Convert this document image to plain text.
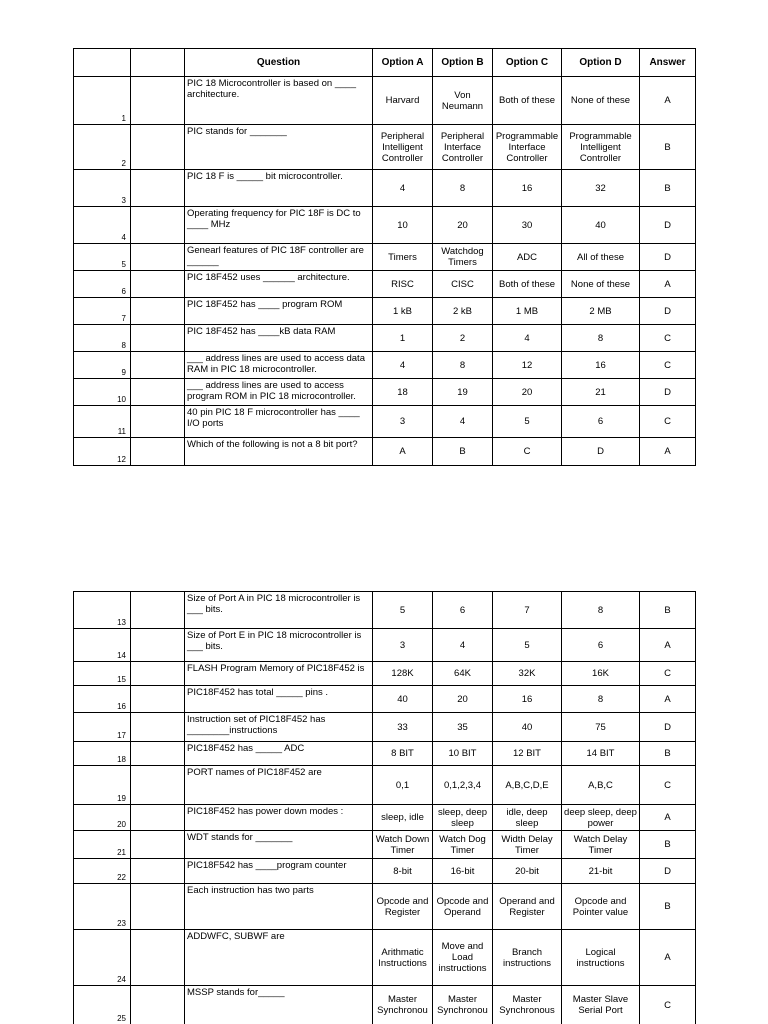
		Question	Option A	Option B	Option C	Option D	Answer
1		PIC 18 Microcontroller is based on ____ architecture.	Harvard	Von Neumann	Both of these	None of these	A
2		PIC stands for _______	Peripheral Intelligent Controller	Peripheral Interface Controller	Programmable Interface Controller	Programmable Intelligent Controller	B
3		PIC 18 F is _____ bit microcontroller.	4	8	16	32	B
4		Operating frequency for PIC 18F is DC to ____ MHz	10	20	30	40	D
5		Genearl features of PIC 18F controller are ______	Timers	Watchdog Timers	ADC	All of these	D
6		PIC 18F452 uses ______ architecture.	RISC	CISC	Both of these	None of these	A
7		PIC 18F452 has ____ program ROM	1 kB	2 kB	1 MB	2 MB	D
8		PIC 18F452 has ____kB data RAM	1	2	4	8	C
9		___ address lines are used to access data RAM in PIC 18 microcontroller.	4	8	12	16	C
10		___ address lines are used to access program ROM in PIC 18 microcontroller.	18	19	20	21	D
11		40 pin PIC 18 F microcontroller has ____ I/O ports	3	4	5	6	C
12		Which of the following is not a 8 bit port?	A	B	C	D	A
13		Size of Port A in PIC 18 microcontroller is ___ bits.	5	6	7	8	B
14		Size of Port E in PIC 18 microcontroller is ___ bits.	3	4	5	6	A
15		FLASH Program Memory of PIC18F452 is	128K	64K	32K	16K	C
16		PIC18F452 has total _____ pins .	40	20	16	8	A
17		Instruction set of PIC18F452 has ________instructions	33	35	40	75	D
18		PIC18F452 has _____ ADC	8 BIT	10 BIT	12 BIT	14 BIT	B
19		PORT names of PIC18F452 are	0,1	0,1,2,3,4	A,B,C,D,E	A,B,C	C
20		PIC18F452 has power down modes :	sleep, idle	sleep, deep sleep	idle, deep sleep	deep sleep, deep power	A
21		WDT stands for _______	Watch Down Timer	Watch Dog Timer	Width Delay Timer	Watch Delay Timer	B
22		PIC18F542 has ____program counter	8-bit	16-bit	20-bit	21-bit	D
23		Each instruction has two parts	Opcode and Register	Opcode and Operand	Operand and Register	Opcode and Pointer value	B
24		ADDWFC, SUBWF are	Arithmatic Instructions	Move and Load instructions	Branch instructions	Logical instructions	A
25		MSSP stands for_____	Master Synchronou	Master Synchronou	Master Synchronous	Master Slave Serial Port	C
